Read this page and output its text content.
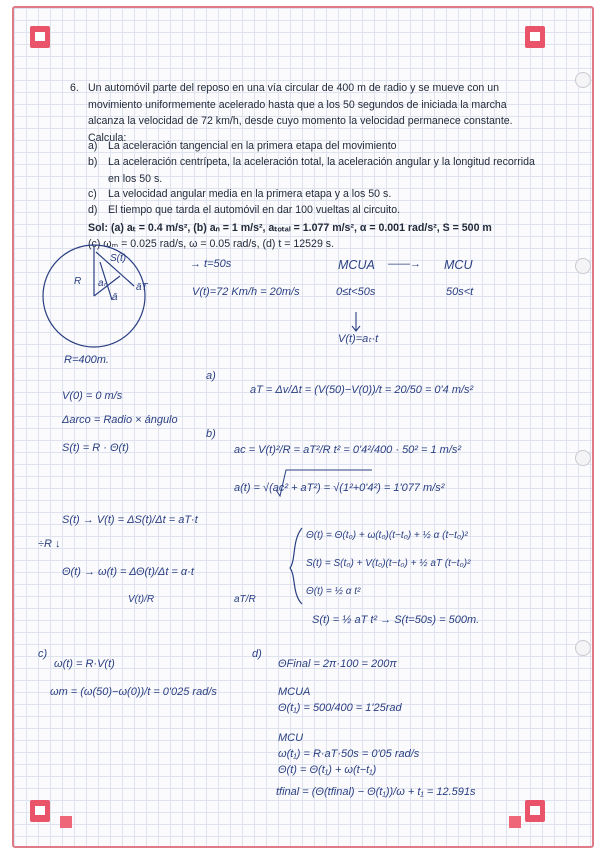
6. Un automóvil parte del reposo en una vía circular de 400 m de radio y se mueve con un movimiento uniformemente acelerado hasta que a los 50 segundos de iniciada la marcha alcanza la velocidad de 72 km/h, desde cuyo momento la velocidad permanece constante. Calcula:
a) La aceleración tangencial en la primera etapa del movimiento
b) La aceleración centrípeta, la aceleración total, la aceleración angular y la longitud recorrida en los 50 s.
c) La velocidad angular media en la primera etapa y a los 50 s.
d) El tiempo que tarda el automóvil en dar 100 vueltas al circuito.
Sol: (a) aₜ = 0.4 m/s², (b) aₙ = 1 m/s², aₜₒₜₐₗ = 1.077 m/s², α = 0.001 rad/s², S = 500 m
(c) ωₘ = 0.025 rad/s, ω = 0.05 rad/s, (d) t = 12529 s.
S(t)
R aₙ
ā
āT
→ t=50s	MCUA ——→ MCU
V(t)=72 Km/h = 20m/s	0≤t<50s	50s<t
V(t)=aₜ·t
R=400m.
a)
V(0) = 0 m/s	aT = Δv/Δt = (V(50)−V(0))/t = 20/50 = 0'4 m/s²
Δarco = Radio × ángulo
b)
S(t) = R · Θ(t)	ac = V(t)²/R = aT²/R t² = 0'4²/400 · 50² = 1 m/s²
a(t) = √(ac² + aT²) = √(1²+0'4²) = 1'077 m/s²
S(t) → V(t) = ΔS(t)/Δt = aT·t
÷R ↓
Θ(t) → ω(t) = ΔΘ(t)/Δt = α·t
V(t)/R	aT/R
Θ(t) = Θ(t₀) + ω(t₀)(t−t₀) + ½ α (t−t₀)²
S(t) = S(t₀) + V(t₀)(t−t₀) + ½ aT (t−t₀)²
Θ(t) = ½ α t²
S(t) = ½ aT t² → S(t=50s) = 500m.
c)
ω(t) = R·V(t)
ωm = (ω(50)−ω(0))/t = 0'025 rad/s
d)
ΘFinal = 2π·100 = 200π
MCUA
Θ(t₁) = 500/400 = 1'25rad
MCU
ω(t₁) = R·aT·50s = 0'05 rad/s
Θ(t) = Θ(t₁) + ω(t−t₁)
tfinal = (Θ(tfinal) − Θ(t₁))/ω + t₁ = 12.591s
